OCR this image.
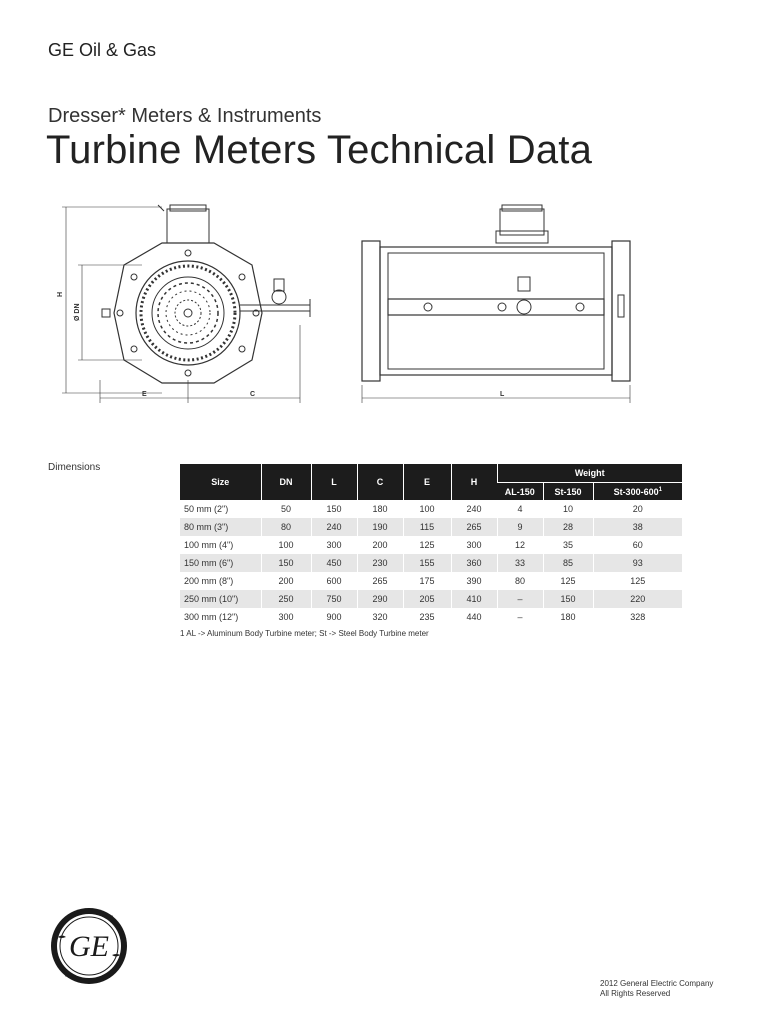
GE Oil & Gas
Dresser* Meters & Instruments
Turbine Meters Technical Data
H
Ø DN
E	C	L
Dimensions
Size	DN	L	C	E	H	Weight		
						AL-150	St-150	$St-300-600^1$
50 mm (2")	50	150	180	100	240	4	10	20
80 mm (3")	80	240	190	115	265	9	28	38
100 mm (4")	100	300	200	125	300	12	35	60
150 mm (6")	150	450	230	155	360	33	85	93
200 mm (8")	200	600	265	175	390	80	125	125
250 mm (10")	250	750	290	205	410	–	150	220
300 mm (12")	300	900	320	235	440	–	180	328
1 AL -> Aluminum Body Turbine meter; St -> Steel Body Turbine meter
GE
2012 General Electric Company
All Rights Reserved
